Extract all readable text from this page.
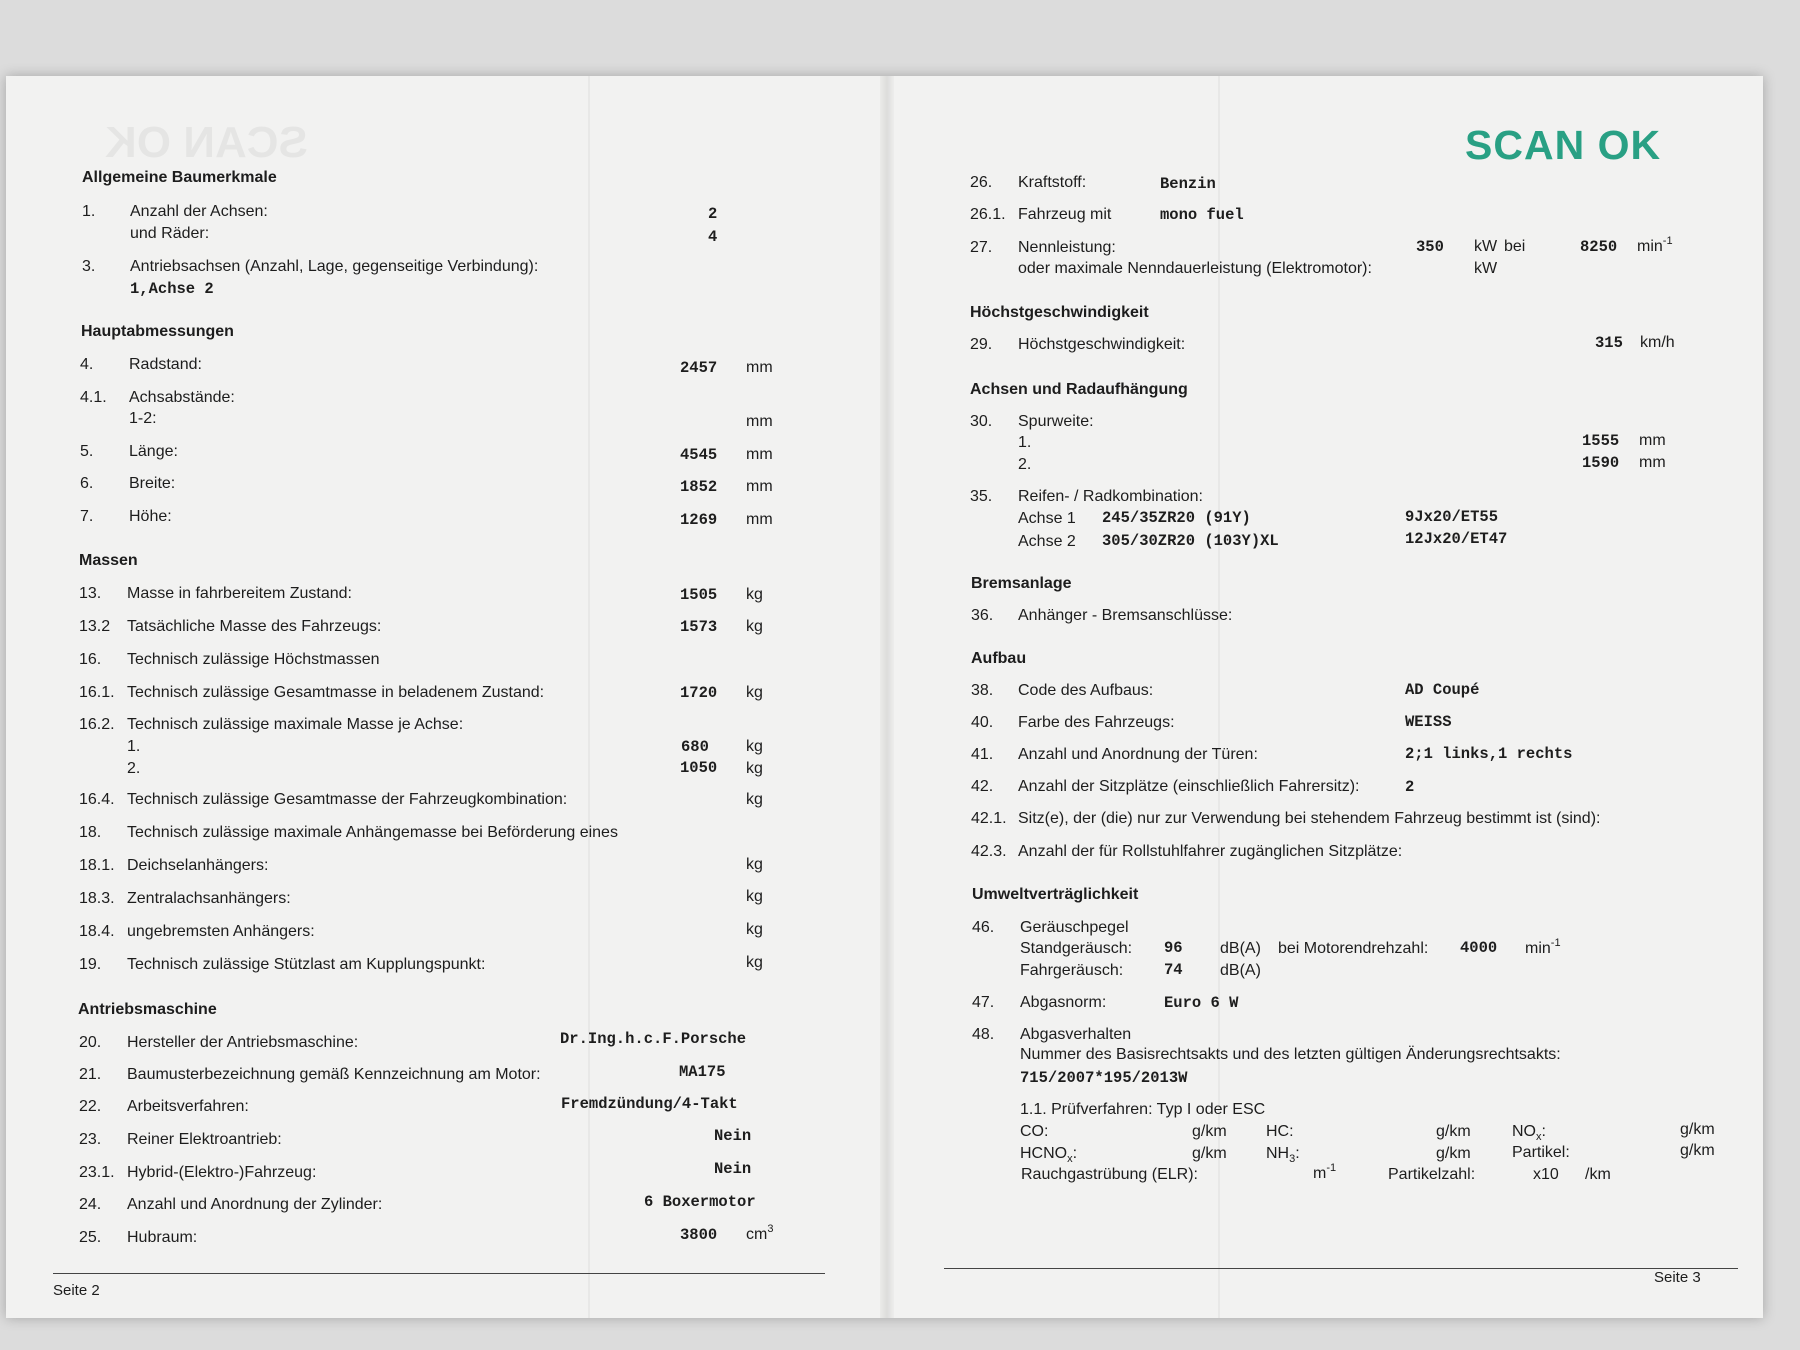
SCAN OK
Allgemeine Baumerkmale
1. Anzahl der Achsen:	2
und Räder:	4
3. Antriebsachsen (Anzahl, Lage, gegenseitige Verbindung):
1,Achse 2
Hauptabmessungen
4. Radstand:	2457 mm
4.1. Achsabstände:
1-2:	mm
5. Länge:	4545 mm
6. Breite:	1852 mm
7. Höhe:	1269 mm
Massen
13. Masse in fahrbereitem Zustand:	1505 kg
13.2 Tatsächliche Masse des Fahrzeugs:	1573 kg
16. Technisch zulässige Höchstmassen
16.1. Technisch zulässige Gesamtmasse in beladenem Zustand:	1720 kg
16.2. Technisch zulässige maximale Masse je Achse:
1.	680 kg
2.	1050 kg
16.4. Technisch zulässige Gesamtmasse der Fahrzeugkombination:	kg
18. Technisch zulässige maximale Anhängemasse bei Beförderung eines
18.1. Deichselanhängers:	kg
18.3. Zentralachsanhängers:	kg
18.4. ungebremsten Anhängers:	kg
19. Technisch zulässige Stützlast am Kupplungspunkt:	kg
Antriebsmaschine
20. Hersteller der Antriebsmaschine:	Dr.Ing.h.c.F.Porsche
21. Baumusterbezeichnung gemäß Kennzeichnung am Motor:	MA175
22. Arbeitsverfahren:	Fremdzündung/4-Takt
23. Reiner Elektroantrieb:	Nein
23.1. Hybrid-(Elektro-)Fahrzeug:	Nein
24. Anzahl und Anordnung der Zylinder:	6 Boxermotor
25. Hubraum:	3800 $cm^3$
Seite 2
SCAN OK
26. Kraftstoff:	Benzin
26.1. Fahrzeug mit	mono fuel
27. Nennleistung:	350 kW bei	8250 $\min^{-1}$
oder maximale Nenndauerleistung (Elektromotor):	kW
Höchstgeschwindigkeit
29. Höchstgeschwindigkeit:	315 km/h
Achsen und Radaufhängung
30. Spurweite:
1.	1555 mm
2.	1590 mm
35. Reifen- / Radkombination:
Achse 1 245/35ZR20 (91Y)	9Jx20/ET55
Achse 2 305/30ZR20 (103Y)XL	12Jx20/ET47
Bremsanlage
36. Anhänger - Bremsanschlüsse:
Aufbau
38. Code des Aufbaus:	AD Coupé
40. Farbe des Fahrzeugs:	WEISS
41. Anzahl und Anordnung der Türen:	2;1 links,1 rechts
42. Anzahl der Sitzplätze (einschließlich Fahrersitz):	2
42.1. Sitz(e), der (die) nur zur Verwendung bei stehendem Fahrzeug bestimmt ist (sind):
42.3. Anzahl der für Rollstuhlfahrer zugänglichen Sitzplätze:
Umweltverträglichkeit
46. Geräuschpegel
Standgeräusch: 96 dB(A) bei Motorendrehzahl: 4000 $\min^{-1}$
Fahrgeräusch:	74 dB(A)
47. Abgasnorm:	Euro 6 W
48. Abgasverhalten
Nummer des Basisrechtsakts und des letzten gültigen Änderungsrechtsakts:
715/2007*195/2013W
1.1. Prüfverfahren: Typ I oder ESC
CO:	g/km HC:	g/km	$NO_x$:	g/km
$HCNO_x$:	g/km $NH_3$:	g/km	Partikel:	g/km
Rauchgastrübung (ELR):	$m^{-1}$	Partikelzahl:	x10 /km
Seite 3
